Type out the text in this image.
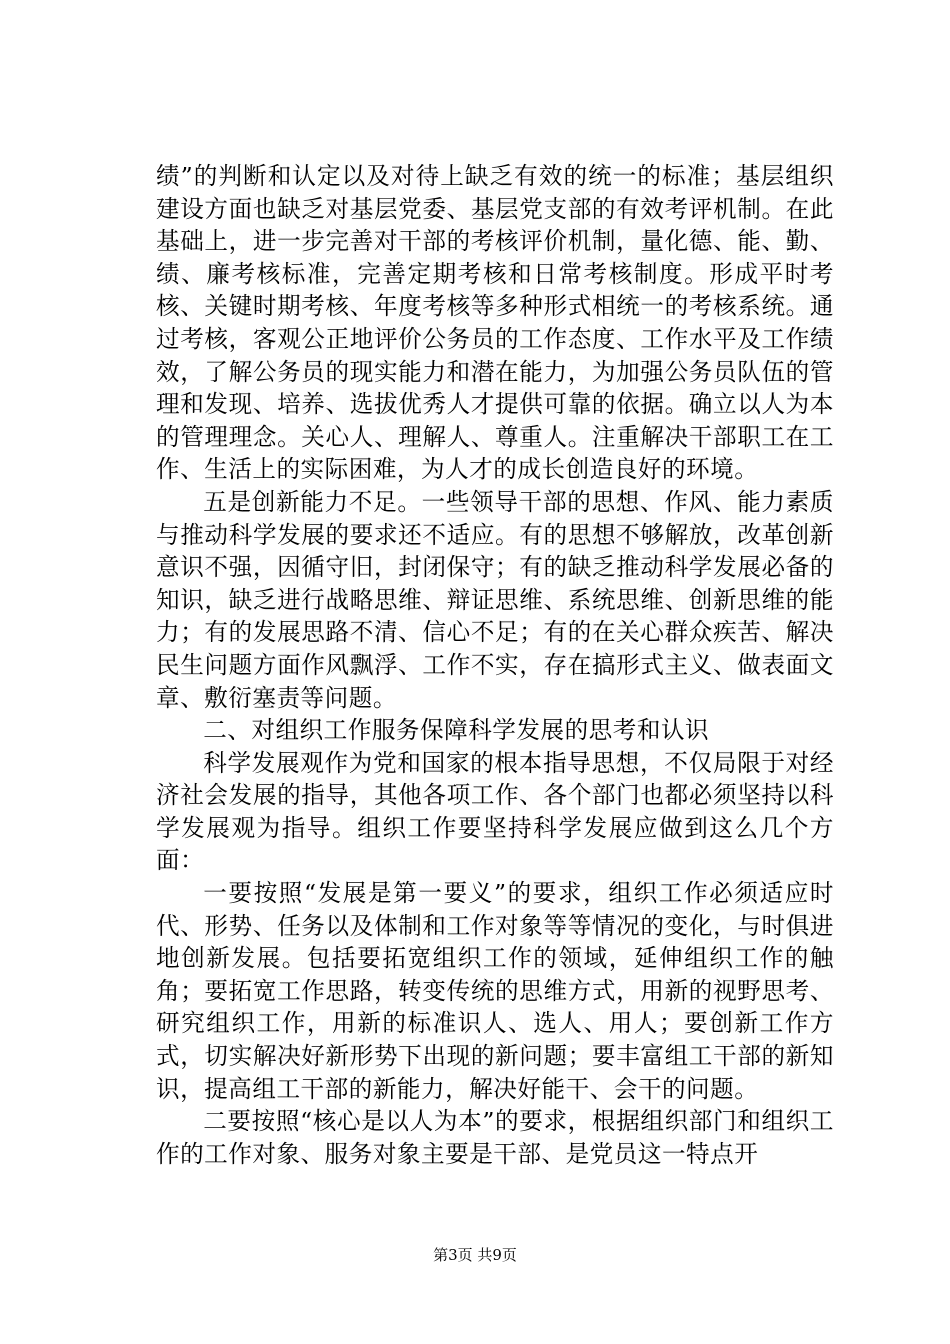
绩”的判断和认定以及对待上缺乏有效的统一的标准；基层组织建设方面也缺乏对基层党委、基层党支部的有效考评机制。在此基础上，进一步完善对干部的考核评价机制，量化德、能、勤、绩、廉考核标准，完善定期考核和日常考核制度。形成平时考核、关键时期考核、年度考核等多种形式相统一的考核系统。通过考核，客观公正地评价公务员的工作态度、工作水平及工作绩效，了解公务员的现实能力和潜在能力，为加强公务员队伍的管理和发现、培养、选拔优秀人才提供可靠的依据。确立以人为本的管理理念。关心人、理解人、尊重人。注重解决干部职工在工作、生活上的实际困难，为人才的成长创造良好的环境。

五是创新能力不足。一些领导干部的思想、作风、能力素质与推动科学发展的要求还不适应。有的思想不够解放，改革创新意识不强，因循守旧，封闭保守；有的缺乏推动科学发展必备的知识，缺乏进行战略思维、辩证思维、系统思维、创新思维的能力；有的发展思路不清、信心不足；有的在关心群众疾苦、解决民生问题方面作风飘浮、工作不实，存在搞形式主义、做表面文章、敷衍塞责等问题。

二、对组织工作服务保障科学发展的思考和认识

科学发展观作为党和国家的根本指导思想，不仅局限于对经济社会发展的指导，其他各项工作、各个部门也都必须坚持以科学发展观为指导。组织工作要坚持科学发展应做到这么几个方面：

一要按照“发展是第一要义”的要求，组织工作必须适应时代、形势、任务以及体制和工作对象等等情况的变化，与时俱进地创新发展。包括要拓宽组织工作的领域，延伸组织工作的触角；要拓宽工作思路，转变传统的思维方式，用新的视野思考、研究组织工作，用新的标准识人、选人、用人；要创新工作方式，切实解决好新形势下出现的新问题；要丰富组工干部的新知识，提高组工干部的新能力，解决好能干、会干的问题。

二要按照“核心是以人为本”的要求，根据组织部门和组织工作的工作对象、服务对象主要是干部、是党员这一特点开

第3页 共9页
